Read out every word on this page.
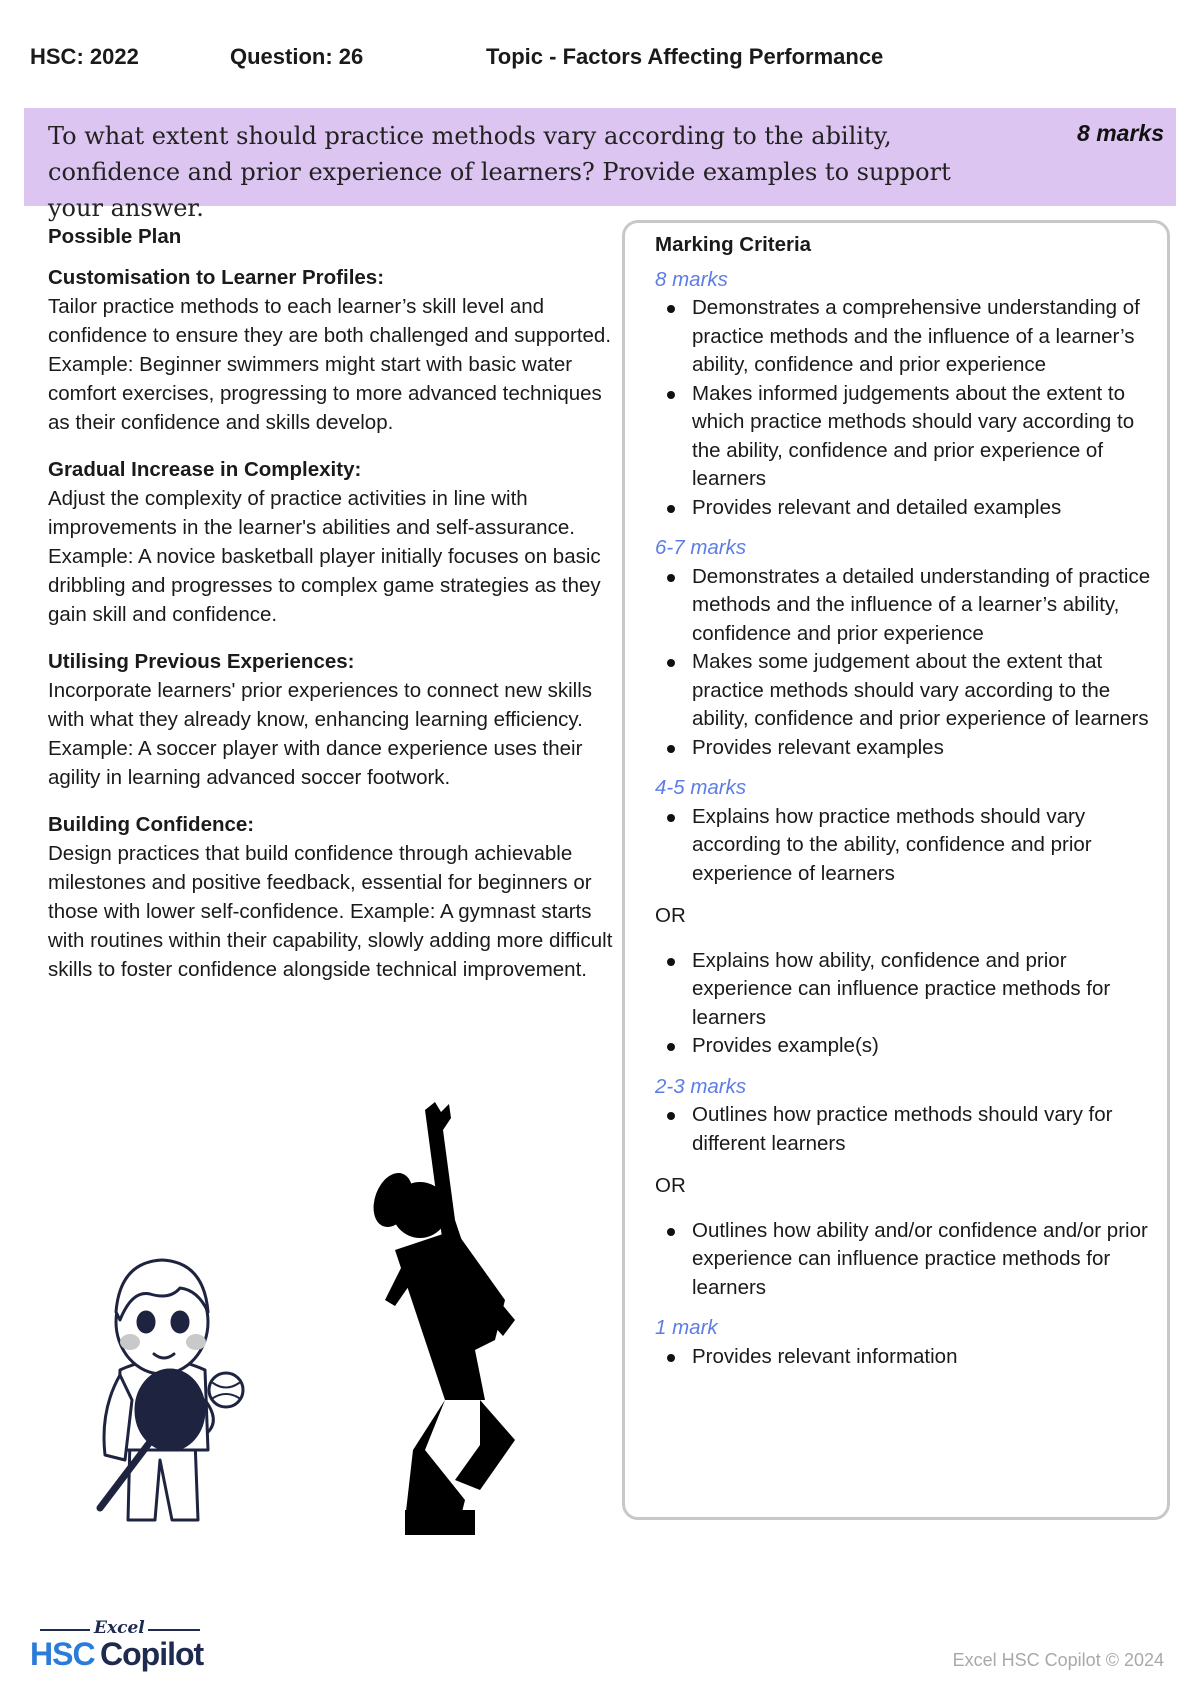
HSC: 2022	Question: 26	Topic - Factors Affecting Performance
To what extent should practice methods vary according to the ability, confidence and prior experience of learners? Provide examples to support your answer.
8 marks
Possible Plan
Customisation to Learner Profiles:
Tailor practice methods to each learner’s skill level and confidence to ensure they are both challenged and supported. Example: Beginner swimmers might start with basic water comfort exercises, progressing to more advanced techniques as their confidence and skills develop.
Gradual Increase in Complexity:
Adjust the complexity of practice activities in line with improvements in the learner's abilities and self-assurance. Example: A novice basketball player initially focuses on basic dribbling and progresses to complex game strategies as they gain skill and confidence.
Utilising Previous Experiences:
Incorporate learners' prior experiences to connect new skills with what they already know, enhancing learning efficiency. Example: A soccer player with dance experience uses their agility in learning advanced soccer footwork.
Building Confidence:
Design practices that build confidence through achievable milestones and positive feedback, essential for beginners or those with lower self-confidence. Example: A gymnast starts with routines within their capability, slowly adding more difficult skills to foster confidence alongside technical improvement.
Marking Criteria
8 marks
Demonstrates a comprehensive understanding of practice methods and the influence of a learner’s ability, confidence and prior experience
Makes informed judgements about the extent to which practice methods should vary according to the ability, confidence and prior experience of learners
Provides relevant and detailed examples
6-7 marks
Demonstrates a detailed understanding of practice methods and the influence of a learner’s ability, confidence and prior experience
Makes some judgement about the extent that practice methods should vary according to the ability, confidence and prior experience of learners
Provides relevant examples
4-5 marks
Explains how practice methods should vary according to the ability, confidence and prior experience of learners
OR
Explains how ability, confidence and prior experience can influence practice methods for learners
Provides example(s)
2-3 marks
Outlines how practice methods should vary for different learners
OR
Outlines how ability and/or confidence and/or prior experience can influence practice methods for learners
1 mark
Provides relevant information
Excel
HSC Copilot	Excel HSC Copilot © 2024
